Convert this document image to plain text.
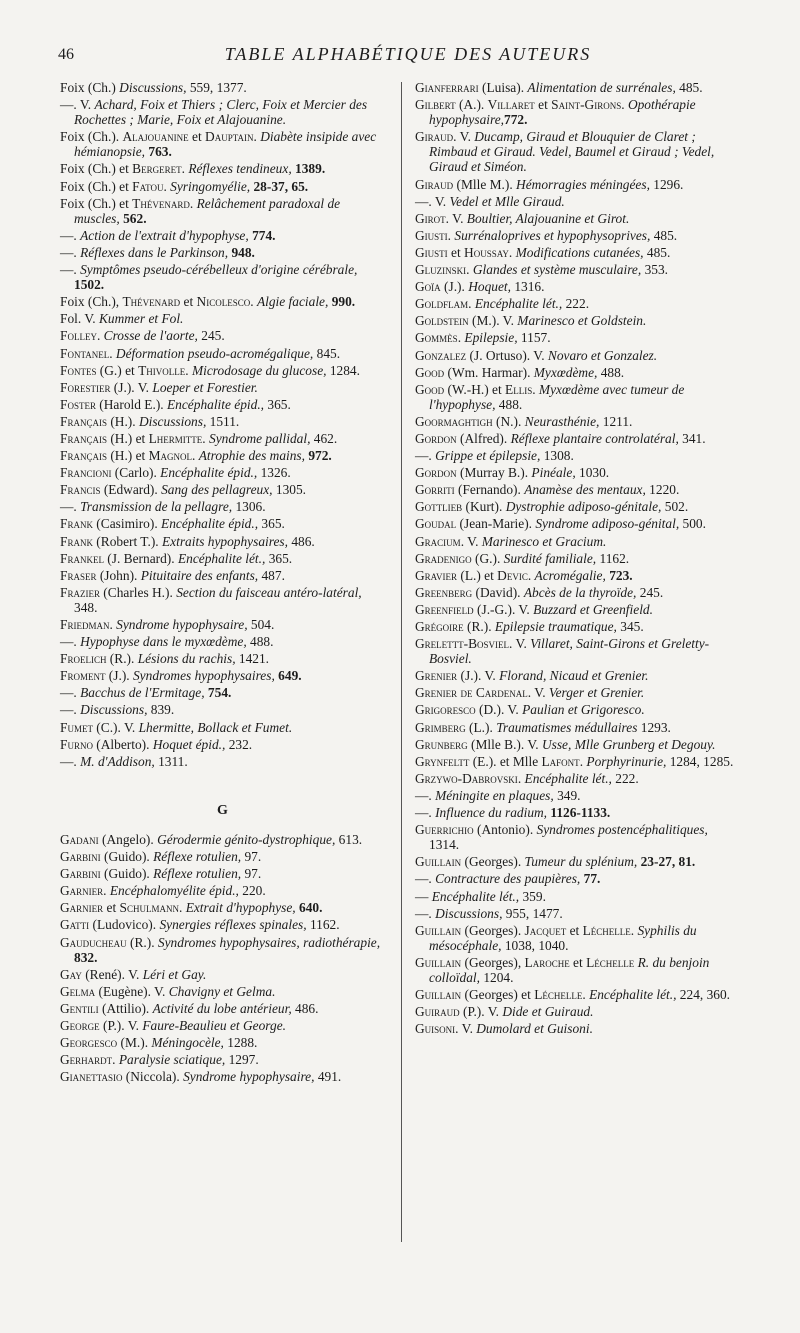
46	TABLE ALPHABÉTIQUE DES AUTEURS

Foix (Ch.) Discussions, 559, 1377.

—. V. Achard, Foix et Thiers ; Clerc, Foix et Mercier des Rochettes ; Marie, Foix et Alajouanine.

Foix (Ch.). Alajouanine et Dauptain. Diabète insipide avec hémianopsie, 763.

Foix (Ch.) et Bergeret. Réflexes tendineux, 1389.

Foix (Ch.) et Fatou. Syringomyélie, 28-37, 65.

Foix (Ch.) et Thévenard. Relâchement paradoxal de muscles, 562.

—. Action de l'extrait d'hypophyse, 774.

—. Réflexes dans le Parkinson, 948.

—. Symptômes pseudo-cérébelleux d'origine cérébrale, 1502.

Foix (Ch.), Thévenard et Nicolesco. Algie faciale, 990.

Fol. V. Kummer et Fol.

Folley. Crosse de l'aorte, 245.

Fontanel. Déformation pseudo-acromégalique, 845.

Fontes (G.) et Thivolle. Microdosage du glucose, 1284.

Forestier (J.). V. Loeper et Forestier.

Foster (Harold E.). Encéphalite épid., 365.

Français (H.). Discussions, 1511.

Français (H.) et Lhermitte. Syndrome pallidal, 462.

Français (H.) et Magnol. Atrophie des mains, 972.

Francioni (Carlo). Encéphalite épid., 1326.

Francis (Edward). Sang des pellagreux, 1305.

—. Transmission de la pellagre, 1306.

Frank (Casimiro). Encéphalite épid., 365.

Frank (Robert T.). Extraits hypophysaires, 486.

Frankel (J. Bernard). Encéphalite lét., 365.

Fraser (John). Pituitaire des enfants, 487.

Frazier (Charles H.). Section du faisceau antéro-latéral, 348.

Friedman. Syndrome hypophysaire, 504.

—. Hypophyse dans le myxœdème, 488.

Froelich (R.). Lésions du rachis, 1421.

Froment (J.). Syndromes hypophysaires, 649.

—. Bacchus de l'Ermitage, 754.

—. Discussions, 839.

Fumet (C.). V. Lhermitte, Bollack et Fumet.

Furno (Alberto). Hoquet épid., 232.

—. M. d'Addison, 1311.

G

Gadani (Angelo). Gérodermie génito-dystrophique, 613.

Garbini (Guido). Réflexe rotulien, 97.

Garbini (Guido). Réflexe rotulien, 97.

Garnier. Encéphalomyélite épid., 220.

Garnier et Schulmann. Extrait d'hypophyse, 640.

Gatti (Ludovico). Synergies réflexes spinales, 1162.

Gauducheau (R.). Syndromes hypophysaires, radiothérapie, 832.

Gay (René). V. Léri et Gay.

Gelma (Eugène). V. Chavigny et Gelma.

Gentili (Attilio). Activité du lobe antérieur, 486.

George (P.). V. Faure-Beaulieu et George.

Georgesco (M.). Méningocèle, 1288.

Gerhardt. Paralysie sciatique, 1297.

Gianettasio (Niccola). Syndrome hypophysaire, 491.

Gianferrari (Luisa). Alimentation de surrénales, 485.

Gilbert (A.). Villaret et Saint-Girons. Opothérapie hypophysaire,772.

Giraud. V. Ducamp, Giraud et Blouquier de Claret ; Rimbaud et Giraud. Vedel, Baumel et Giraud ; Vedel, Giraud et Siméon.

Giraud (Mlle M.). Hémorragies méningées, 1296.

—. V. Vedel et Mlle Giraud.

Girot. V. Boultier, Alajouanine et Girot.

Giusti. Surrénaloprives et hypophysoprives, 485.

Giusti et Houssay. Modifications cutanées, 485.

Gluzinski. Glandes et système musculaire, 353.

Goïa (J.). Hoquet, 1316.

Goldflam. Encéphalite lét., 222.

Goldstein (M.). V. Marinesco et Goldstein.

Gommès. Epilepsie, 1157.

Gonzalez (J. Ortuso). V. Novaro et Gonzalez.

Good (Wm. Harmar). Myxœdème, 488.

Good (W.-H.) et Ellis. Myxœdème avec tumeur de l'hypophyse, 488.

Goormaghtigh (N.). Neurasthénie, 1211.

Gordon (Alfred). Réflexe plantaire controlatéral, 341.

—. Grippe et épilepsie, 1308.

Gordon (Murray B.). Pinéale, 1030.

Gorriti (Fernando). Anamèse des mentaux, 1220.

Gottlieb (Kurt). Dystrophie adiposo-génitale, 502.

Goudal (Jean-Marie). Syndrome adiposo-génital, 500.

Gracium. V. Marinesco et Gracium.

Gradenigo (G.). Surdité familiale, 1162.

Gravier (L.) et Devic. Acromégalie, 723.

Greenberg (David). Abcès de la thyroïde, 245.

Greenfield (J.-G.). V. Buzzard et Greenfield.

Grégoire (R.). Epilepsie traumatique, 345.

Grelettt-Bosviel. V. Villaret, Saint-Girons et Greletty-Bosviel.

Grenier (J.). V. Florand, Nicaud et Grenier.

Grenier de Cardenal. V. Verger et Grenier.

Grigoresco (D.). V. Paulian et Grigoresco.

Grimberg (L.). Traumatismes médullaires 1293.

Grunberg (Mlle B.). V. Usse, Mlle Grunberg et Degouy.

Grynfeltt (E.). et Mlle Lafont. Porphyrinurie, 1284, 1285.

Grzywo-Dabrovski. Encéphalite lét., 222.

—. Méningite en plaques, 349.

—. Influence du radium, 1126-1133.

Guerrichio (Antonio). Syndromes postencéphalitiques, 1314.

Guillain (Georges). Tumeur du splénium, 23-27, 81.

—. Contracture des paupières, 77.

— Encéphalite lét., 359.

—. Discussions, 955, 1477.

Guillain (Georges). Jacquet et Léchelle. Syphilis du mésocéphale, 1038, 1040.

Guillain (Georges), Laroche et Léchelle R. du benjoin colloïdal, 1204.

Guillain (Georges) et Léchelle. Encéphalite lét., 224, 360.

Guiraud (P.). V. Dide et Guiraud.

Guisoni. V. Dumolard et Guisoni.
